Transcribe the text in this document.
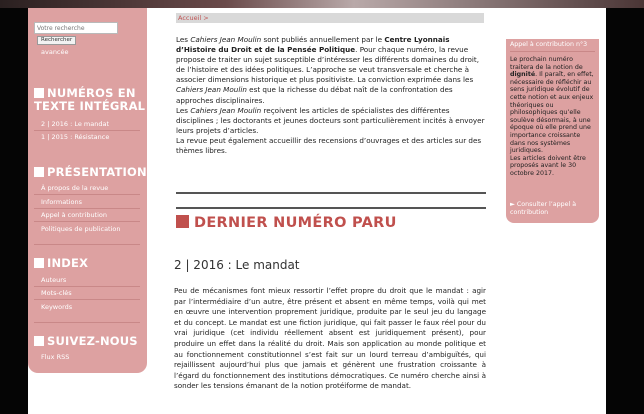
Votre recherche
Rechercher
avancée
NUMÉROS EN
TEXTE INTÉGRAL
2 | 2016 : Le mandat
1 | 2015 : Résistance
PRÉSENTATION
À propos de la revue
Informations
Appel à contribution
Politiques de publication
INDEX
Auteurs
Mots-clés
Keywords
SUIVEZ-NOUS
Flux RSS
Accueil >

Les Cahiers Jean Moulin sont publiés annuellement par le Centre Lyonnais d’Histoire du Droit et de la Pensée Politique. Pour chaque numéro, la revue propose de traiter un sujet susceptible d’intéresser les différents domaines du droit, de l’histoire et des idées politiques. L’approche se veut transversale et cherche à associer dimensions historique et plus positiviste. La conviction exprimée dans les Cahiers Jean Moulin est que la richesse du débat naît de la confrontation des approches disciplinaires.

Les Cahiers Jean Moulin reçoivent les articles de spécialistes des différentes disciplines ; les doctorants et jeunes docteurs sont particulièrement incités à envoyer leurs projets d’articles.

La revue peut également accueillir des recensions d’ouvrages et des articles sur des thèmes libres.

DERNIER NUMÉRO PARU
2 | 2016 : Le mandat
Peu de mécanismes font mieux ressortir l’effet propre du droit que le mandat : agir par l’intermédiaire d’un autre, être présent et absent en même temps, voilà qui met en œuvre une intervention proprement juridique, produite par le seul jeu du langage et du concept. Le mandat est une fiction juridique, qui fait passer le faux réel pour du vrai juridique (cet individu réellement absent est juridiquement présent), pour produire un effet dans la réalité du droit. Mais son application au monde politique et au fonctionnement constitutionnel s’est fait sur un lourd terreau d’ambiguïtés, qui rejaillissent aujourd’hui plus que jamais et génèrent une frustration croissante à l’égard du fonctionnement des institutions démocratiques. Ce numéro cherche ainsi à sonder les tensions émanant de la notion protéiforme de mandat.
Appel à contribution n°3
Le prochain numéro traitera de la notion de dignité. Il paraît, en effet, nécessaire de réfléchir au sens juridique évolutif de cette notion et aux enjeux théoriques ou philosophiques qu’elle soulève désormais, à une époque où elle prend une importance croissante dans nos systèmes juridiques.
Les articles doivent être proposés avant le 30 octobre 2017.
► Consulter l’appel à contribution
